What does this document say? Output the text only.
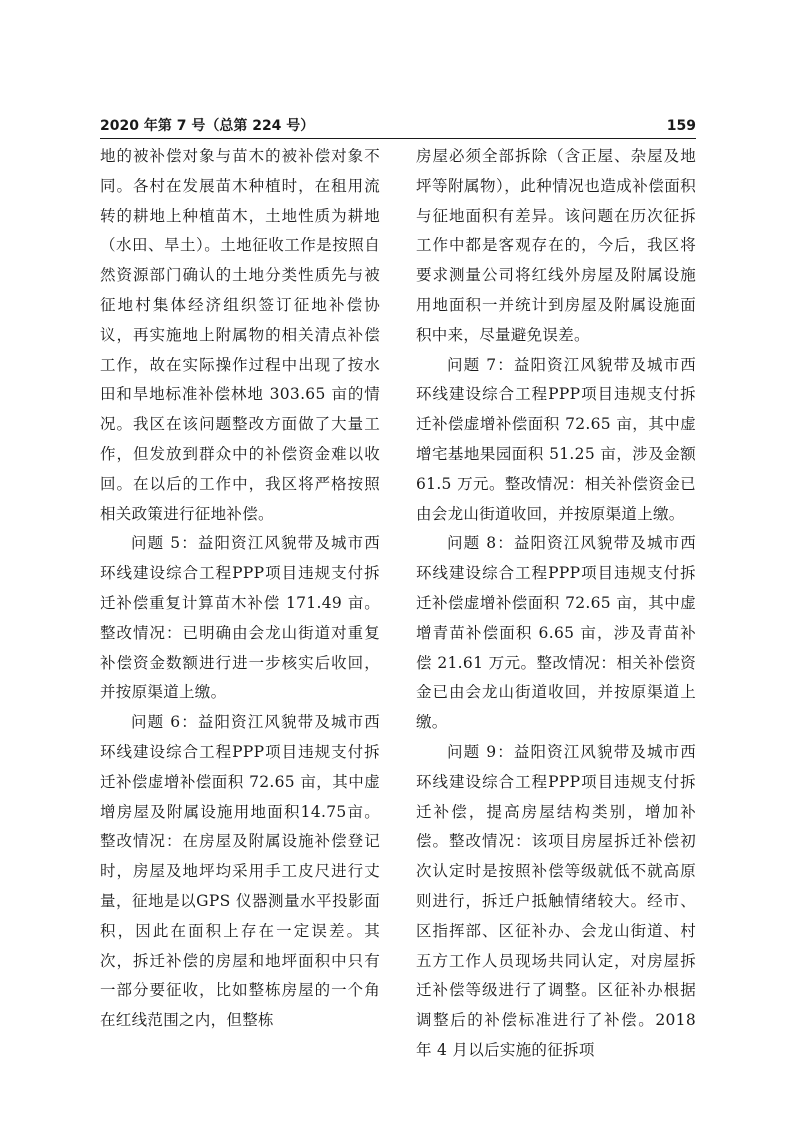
2020 年第 7 号（总第 224 号）	159

地的被补偿对象与苗木的被补偿对象不同。各村在发展苗木种植时，在租用流转的耕地上种植苗木，土地性质为耕地（水田、旱土）。土地征收工作是按照自然资源部门确认的土地分类性质先与被征地村集体经济组织签订征地补偿协议，再实施地上附属物的相关清点补偿工作，故在实际操作过程中出现了按水田和旱地标准补偿林地 303.65 亩的情况。我区在该问题整改方面做了大量工作，但发放到群众中的补偿资金难以收回。在以后的工作中，我区将严格按照相关政策进行征地补偿。

问题 5：益阳资江风貌带及城市西环线建设综合工程PPP项目违规支付拆迁补偿重复计算苗木补偿 171.49 亩。整改情况：已明确由会龙山街道对重复补偿资金数额进行进一步核实后收回，并按原渠道上缴。

问题 6：益阳资江风貌带及城市西环线建设综合工程PPP项目违规支付拆迁补偿虚增补偿面积 72.65 亩，其中虚增房屋及附属设施用地面积14.75亩。整改情况：在房屋及附属设施补偿登记时，房屋及地坪均采用手工皮尺进行丈量，征地是以GPS 仪器测量水平投影面积，因此在面积上存在一定误差。其次，拆迁补偿的房屋和地坪面积中只有一部分要征收，比如整栋房屋的一个角在红线范围之内，但整栋

房屋必须全部拆除（含正屋、杂屋及地坪等附属物），此种情况也造成补偿面积与征地面积有差异。该问题在历次征拆工作中都是客观存在的，今后，我区将要求测量公司将红线外房屋及附属设施用地面积一并统计到房屋及附属设施面积中来，尽量避免误差。

问题 7：益阳资江风貌带及城市西环线建设综合工程PPP项目违规支付拆迁补偿虚增补偿面积 72.65 亩，其中虚增宅基地果园面积 51.25 亩，涉及金额 61.5 万元。整改情况：相关补偿资金已由会龙山街道收回，并按原渠道上缴。

问题 8：益阳资江风貌带及城市西环线建设综合工程PPP项目违规支付拆迁补偿虚增补偿面积 72.65 亩，其中虚增青苗补偿面积 6.65 亩，涉及青苗补偿 21.61 万元。整改情况：相关补偿资金已由会龙山街道收回，并按原渠道上缴。

问题 9：益阳资江风貌带及城市西环线建设综合工程PPP项目违规支付拆迁补偿，提高房屋结构类别，增加补偿。整改情况：该项目房屋拆迁补偿初次认定时是按照补偿等级就低不就高原则进行，拆迁户抵触情绪较大。经市、区指挥部、区征补办、会龙山街道、村五方工作人员现场共同认定，对房屋拆迁补偿等级进行了调整。区征补办根据调整后的补偿标准进行了补偿。2018 年 4 月以后实施的征拆项
